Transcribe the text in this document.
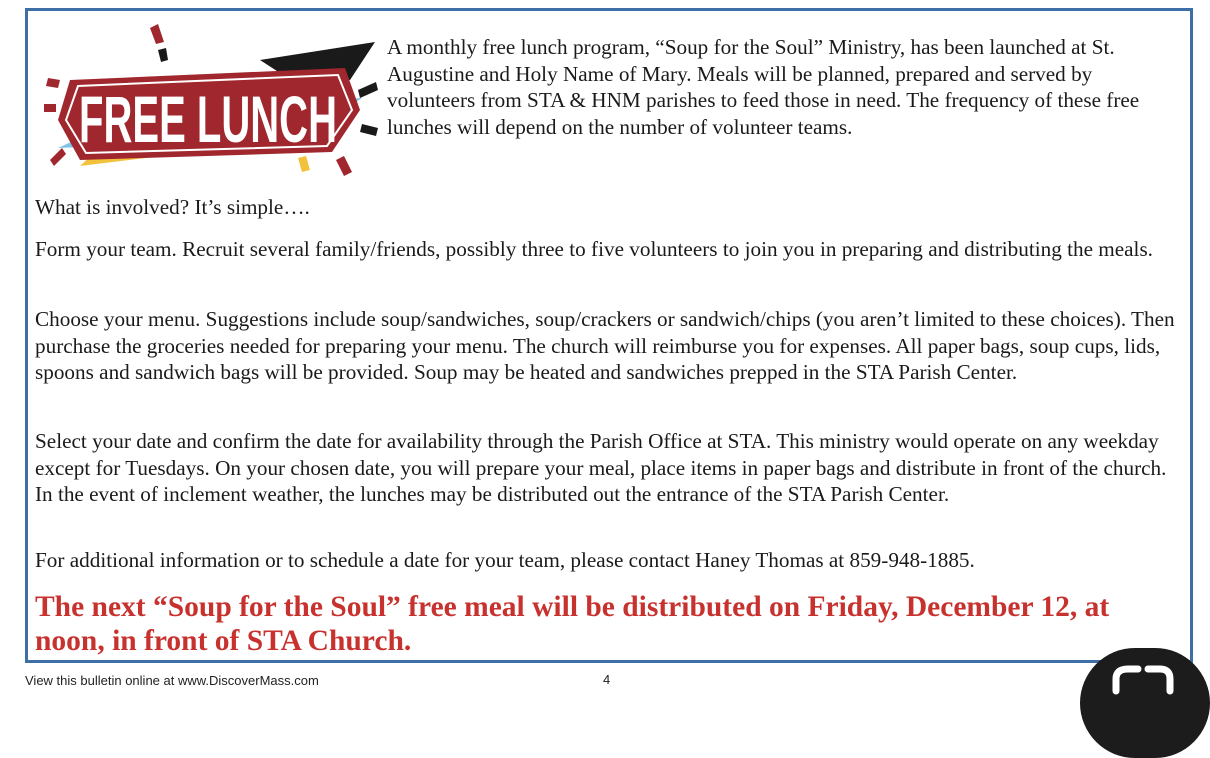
FREE LUNCH

A monthly free lunch program, “Soup for the Soul” Ministry, has been launched at St. Augustine and Holy Name of Mary. Meals will be planned, prepared and served by volunteers from STA & HNM parishes to feed those in need. The frequency of these free lunches will depend on the number of volunteer teams.

What is involved? It’s simple….

Form your team. Recruit several family/friends, possibly three to five volunteers to join you in preparing and distributing the meals.

Choose your menu. Suggestions include soup/sandwiches, soup/crackers or sandwich/chips (you aren’t limited to these choices). Then purchase the groceries needed for preparing your menu. The church will reimburse you for expenses. All paper bags, soup cups, lids, spoons and sandwich bags will be provided. Soup may be heated and sandwiches prepped in the STA Parish Center.

Select your date and confirm the date for availability through the Parish Office at STA. This ministry would operate on any weekday except for Tuesdays. On your chosen date, you will prepare your meal, place items in paper bags and distribute in front of the church. In the event of inclement weather, the lunches may be distributed out the entrance of the STA Parish Center.

For additional information or to schedule a date for your team, please contact Haney Thomas at 859-948-1885.

The next “Soup for the Soul” free meal will be distributed on Friday, December 12, at noon, in front of STA Church.

View this bulletin online at www.DiscoverMass.com	4
